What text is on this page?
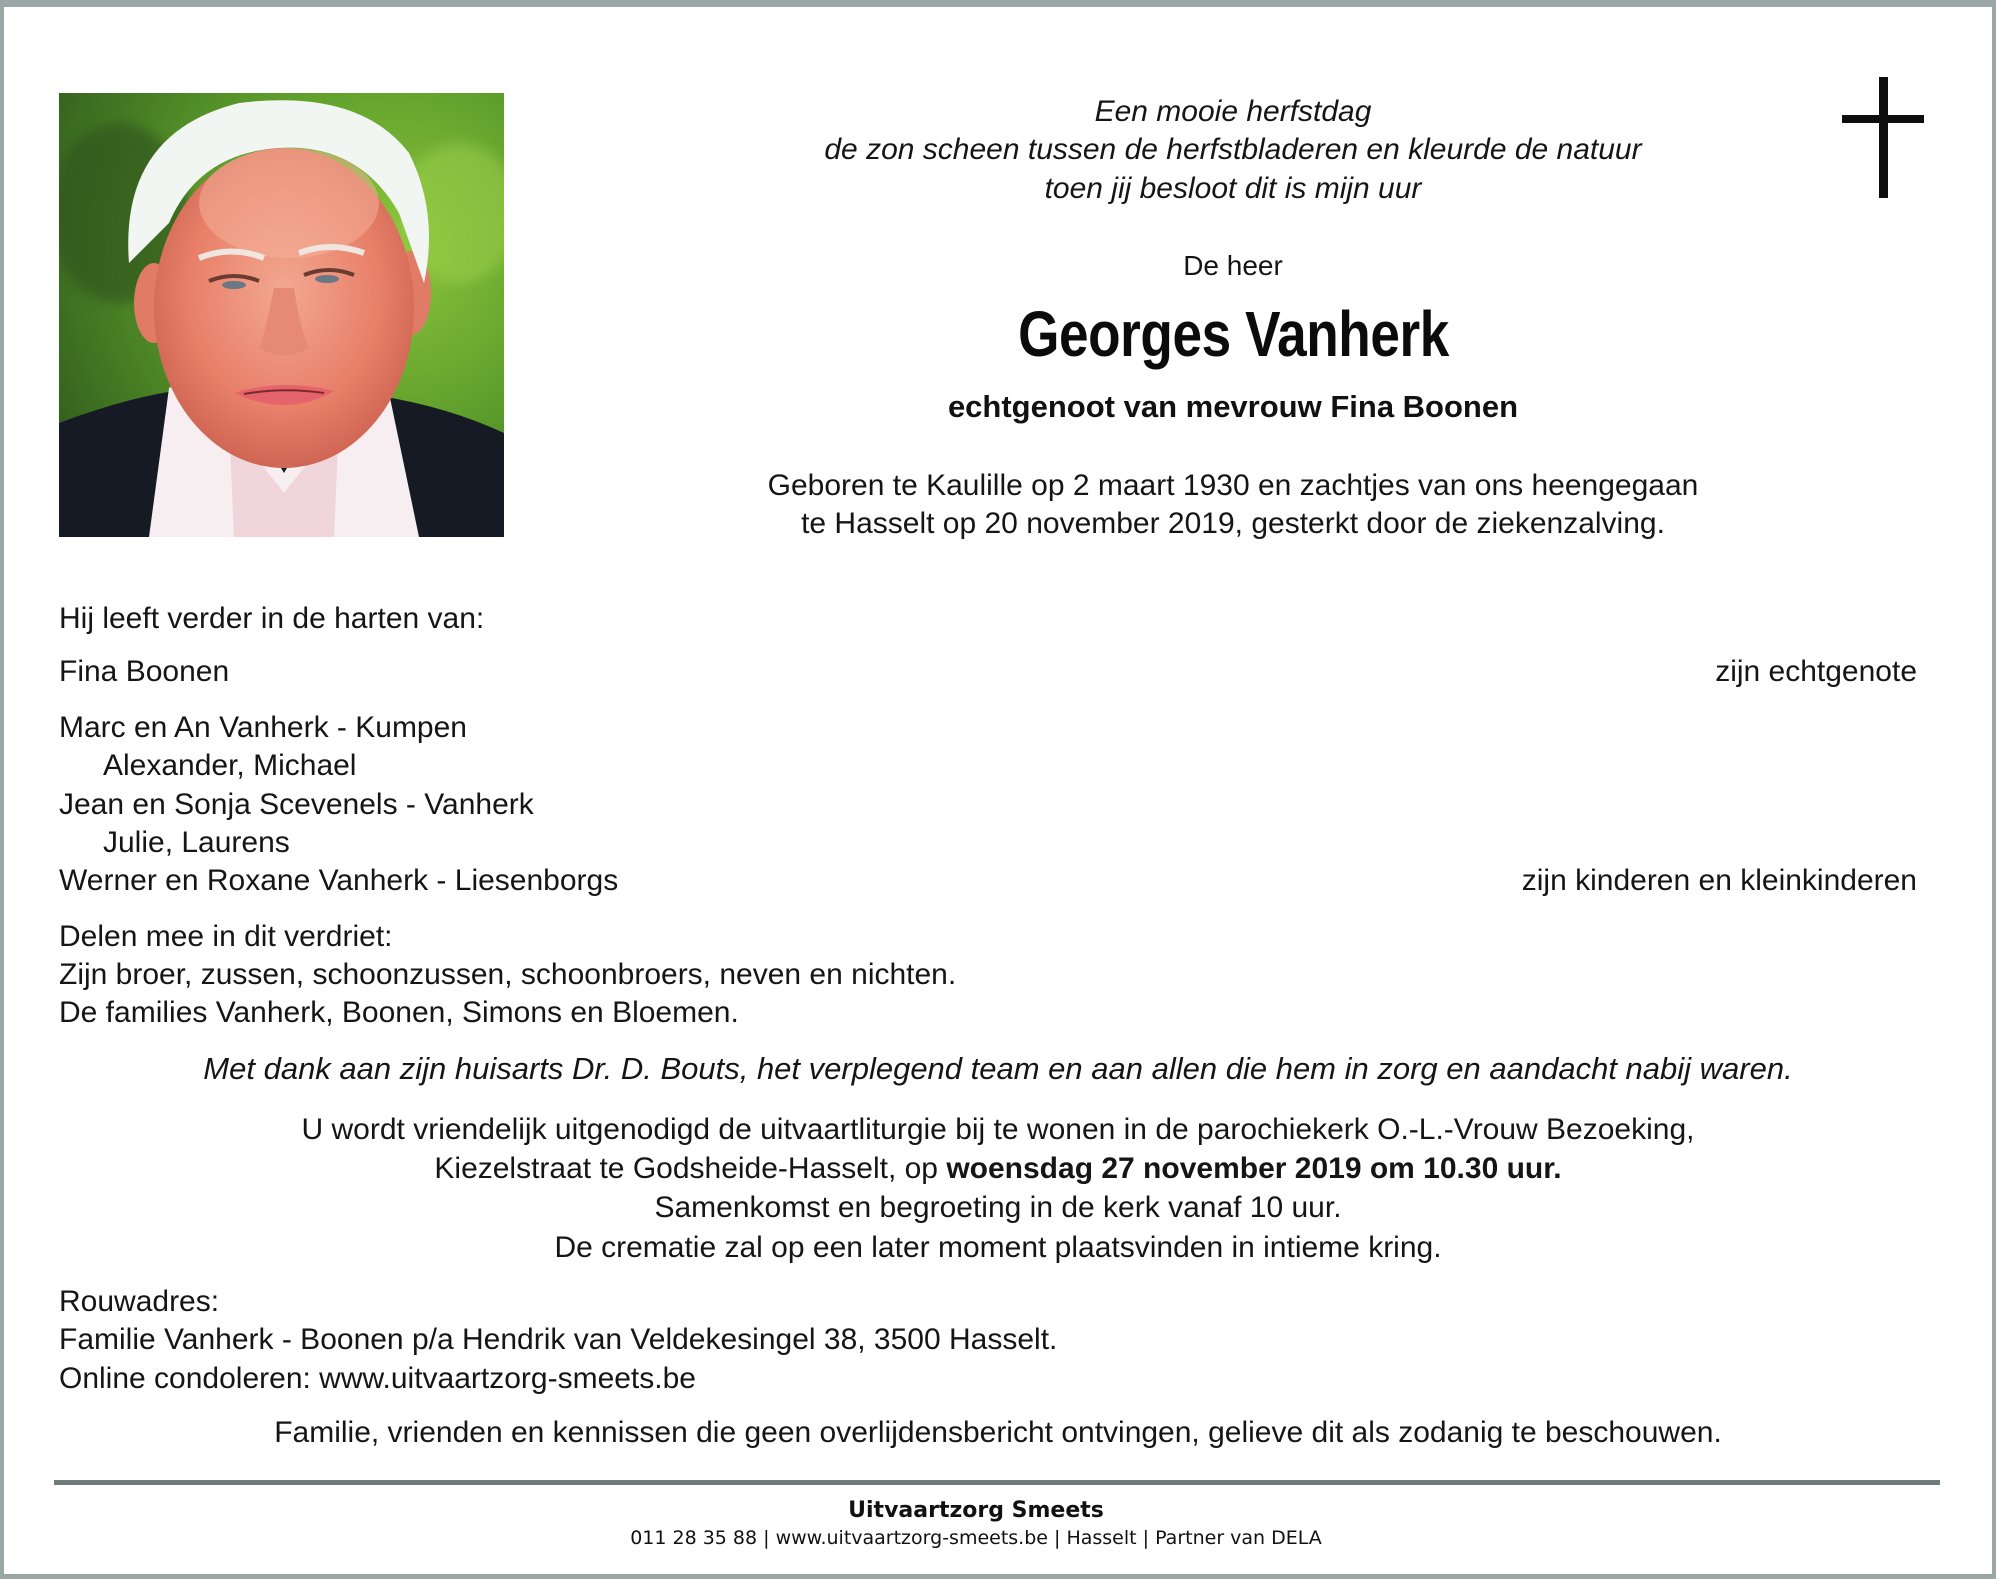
Een mooie herfstdag
de zon scheen tussen de herfstbladeren en kleurde de natuur
toen jij besloot dit is mijn uur
De heer
Georges Vanherk
echtgenoot van mevrouw Fina Boonen
Geboren te Kaulille op 2 maart 1930 en zachtjes van ons heengegaan
te Hasselt op 20 november 2019, gesterkt door de ziekenzalving.
Hij leeft verder in de harten van:
Fina Boonen	zijn echtgenote
Marc en An Vanherk - Kumpen
Alexander, Michael
Jean en Sonja Scevenels - Vanherk
Julie, Laurens
Werner en Roxane Vanherk - Liesenborgs	zijn kinderen en kleinkinderen
Delen mee in dit verdriet:
Zijn broer, zussen, schoonzussen, schoonbroers, neven en nichten.
De families Vanherk, Boonen, Simons en Bloemen.
Met dank aan zijn huisarts Dr. D. Bouts, het verplegend team en aan allen die hem in zorg en aandacht nabij waren.
U wordt vriendelijk uitgenodigd de uitvaartliturgie bij te wonen in de parochiekerk O.-L.-Vrouw Bezoeking,
Kiezelstraat te Godsheide-Hasselt, op woensdag 27 november 2019 om 10.30 uur.
Samenkomst en begroeting in de kerk vanaf 10 uur.
De crematie zal op een later moment plaatsvinden in intieme kring.
Rouwadres:
Familie Vanherk - Boonen p/a Hendrik van Veldekesingel 38, 3500 Hasselt.
Online condoleren: www.uitvaartzorg-smeets.be
Familie, vrienden en kennissen die geen overlijdensbericht ontvingen, gelieve dit als zodanig te beschouwen.
Uitvaartzorg Smeets
011 28 35 88 | www.uitvaartzorg-smeets.be | Hasselt | Partner van DELA
